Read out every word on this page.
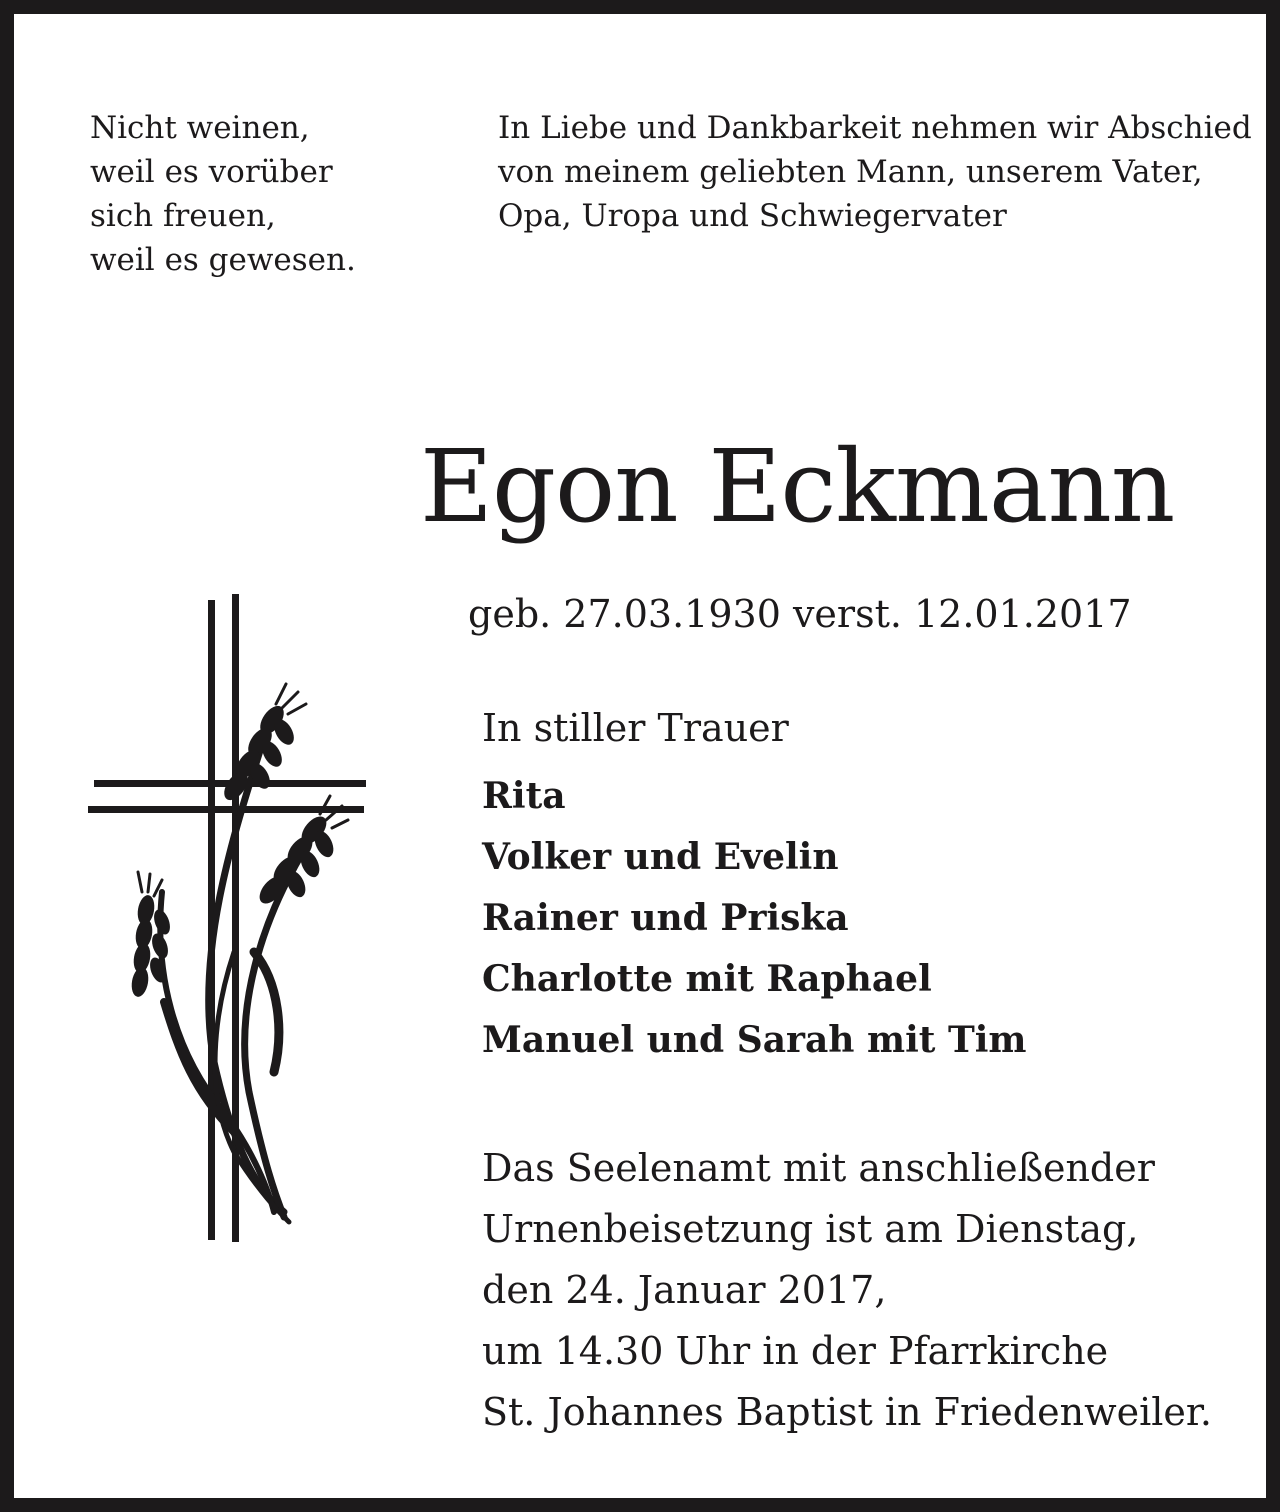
Nicht weinen,
weil es vorüber
sich freuen,
weil es gewesen.
In Liebe und Dankbarkeit nehmen wir Abschied
von meinem geliebten Mann, unserem Vater,
Opa, Uropa und Schwiegervater
Egon Eckmann
geb. 27.03.1930 verst. 12.01.2017
In stiller Trauer
Rita
Volker und Evelin
Rainer und Priska
Charlotte mit Raphael
Manuel und Sarah mit Tim
Das Seelenamt mit anschließender
Urnenbeisetzung ist am Dienstag,
den 24. Januar 2017,
um 14.30 Uhr in der Pfarrkirche
St. Johannes Baptist in Friedenweiler.
